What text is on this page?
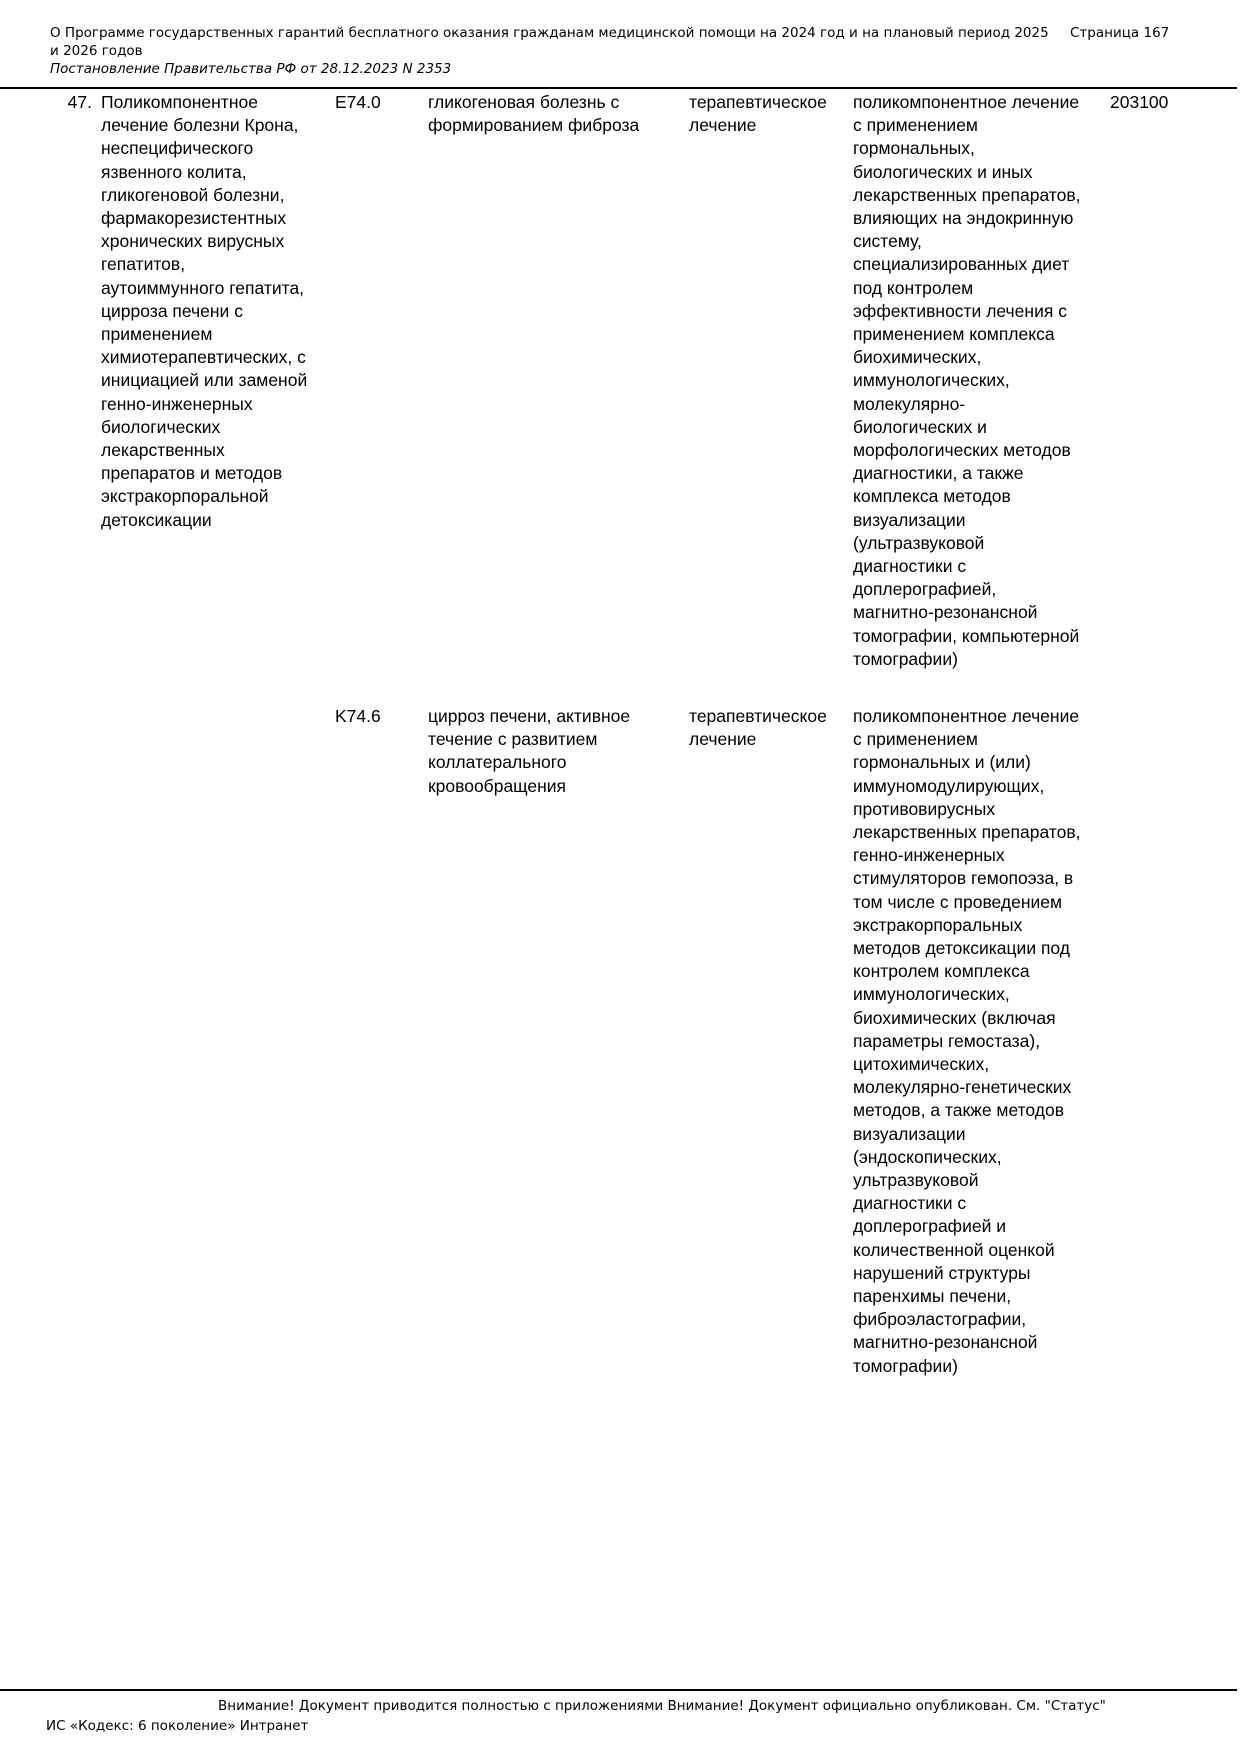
О Программе государственных гарантий бесплатного оказания гражданам медицинской помощи на 2024 год и на плановый период 2025 и 2026 годов
Постановление Правительства РФ от 28.12.2023 N 2353
Страница 167
47. Поликомпонентное
лечение болезни Крона,
неспецифического
язвенного колита,
гликогеновой болезни,
фармакорезистентных
хронических вирусных
гепатитов,
аутоиммунного гепатита,
цирроза печени с
применением
химиотерапевтических, с
инициацией или заменой
генно-инженерных
биологических
лекарственных
препаратов и методов
экстракорпоральной
детоксикации
E74.0	гликогеновая болезнь с
формированием фиброза
терапевтическое
лечение
поликомпонентное лечение
с применением
гормональных,
биологических и иных
лекарственных препаратов,
влияющих на эндокринную
систему,
специализированных диет
под контролем
эффективности лечения с
применением комплекса
биохимических,
иммунологических,
молекулярно-
биологических и
морфологических методов
диагностики, а также
комплекса методов
визуализации
(ультразвуковой
диагностики с
доплерографией,
магнитно-резонансной
томографии, компьютерной
томографии)
203100
K74.6	цирроз печени, активное
течение с развитием
коллатерального
кровообращения
терапевтическое
лечение
поликомпонентное лечение
с применением
гормональных и (или)
иммуномодулирующих,
противовирусных
лекарственных препаратов,
генно-инженерных
стимуляторов гемопоэза, в
том числе с проведением
экстракорпоральных
методов детоксикации под
контролем комплекса
иммунологических,
биохимических (включая
параметры гемостаза),
цитохимических,
молекулярно-генетических
методов, а также методов
визуализации
(эндоскопических,
ультразвуковой
диагностики с
доплерографией и
количественной оценкой
нарушений структуры
паренхимы печени,
фиброэластографии,
магнитно-резонансной
томографии)
Внимание! Документ приводится полностью с приложениями Внимание! Документ официально опубликован. См. "Статус"
ИС «Кодекс: 6 поколение» Интранет
